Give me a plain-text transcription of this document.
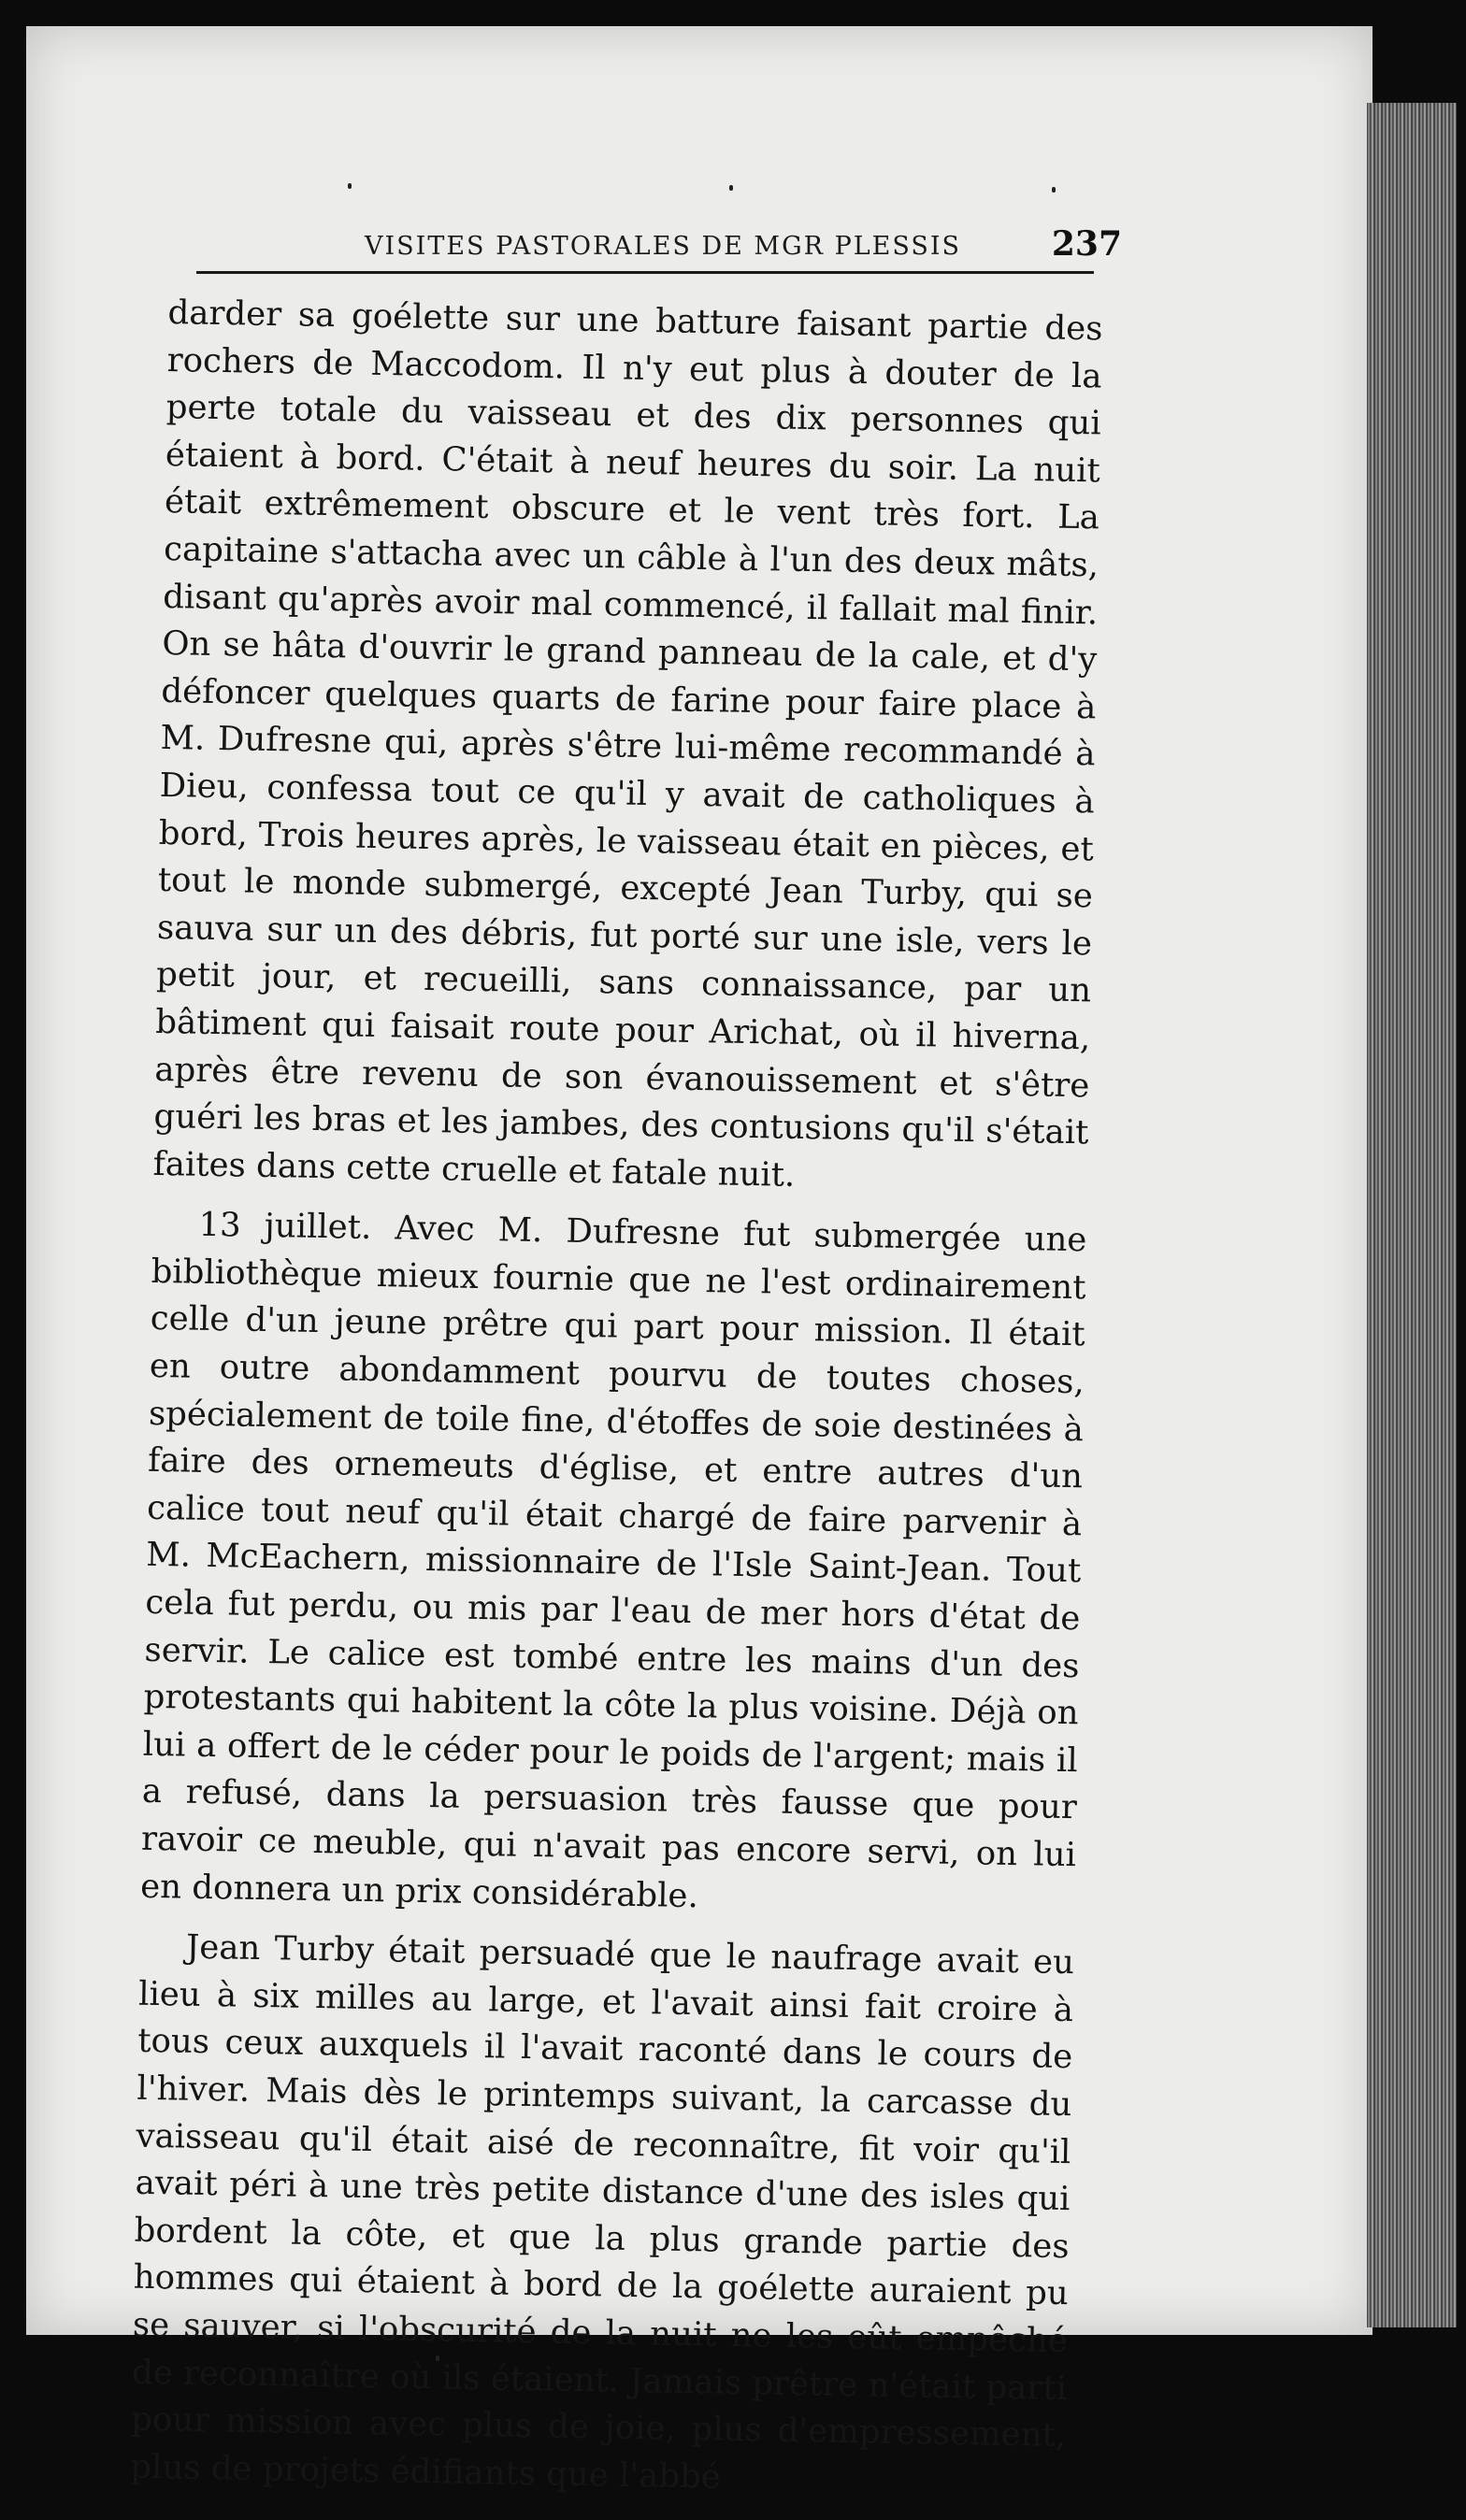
VISITES PASTORALES DE MGR PLESSIS	237

darder sa goélette sur une batture faisant partie des rochers de Maccodom. Il n'y eut plus à douter de la perte totale du vaisseau et des dix personnes qui étaient à bord. C'était à neuf heures du soir. La nuit était extrêmement obscure et le vent très fort. La capitaine s'attacha avec un câble à l'un des deux mâts, disant qu'après avoir mal commencé, il fallait mal finir. On se hâta d'ouvrir le grand panneau de la cale, et d'y défoncer quelques quarts de farine pour faire place à M. Dufresne qui, après s'être lui-même recommandé à Dieu, confessa tout ce qu'il y avait de catholiques à bord, Trois heures après, le vaisseau était en pièces, et tout le monde submergé, excepté Jean Turby, qui se sauva sur un des débris, fut porté sur une isle, vers le petit jour, et recueilli, sans connaissance, par un bâtiment qui faisait route pour Arichat, où il hiverna, après être revenu de son évanouissement et s'être guéri les bras et les jambes, des contusions qu'il s'était faites dans cette cruelle et fatale nuit.

13 juillet. Avec M. Dufresne fut submergée une bibliothèque mieux fournie que ne l'est ordinairement celle d'un jeune prêtre qui part pour mission. Il était en outre abondamment pourvu de toutes choses, spécialement de toile fine, d'étoffes de soie destinées à faire des ornemeuts d'église, et entre autres d'un calice tout neuf qu'il était chargé de faire parvenir à M. McEachern, missionnaire de l'Isle Saint-Jean. Tout cela fut perdu, ou mis par l'eau de mer hors d'état de servir. Le calice est tombé entre les mains d'un des protestants qui habitent la côte la plus voisine. Déjà on lui a offert de le céder pour le poids de l'argent; mais il a refusé, dans la persuasion très fausse que pour ravoir ce meuble, qui n'avait pas encore servi, on lui en donnera un prix considérable.

Jean Turby était persuadé que le naufrage avait eu lieu à six milles au large, et l'avait ainsi fait croire à tous ceux auxquels il l'avait raconté dans le cours de l'hiver. Mais dès le printemps suivant, la carcasse du vaisseau qu'il était aisé de reconnaître, fit voir qu'il avait péri à une très petite distance d'une des isles qui bordent la côte, et que la plus grande partie des hommes qui étaient à bord de la goélette auraient pu se sauver, si l'obscurité de la nuit ne les eût empêché de reconnaître où ils étaient. Jamais prêtre n'était parti pour mission avec plus de joie, plus d'empressement, plus de projets édifiants que l'abbé
